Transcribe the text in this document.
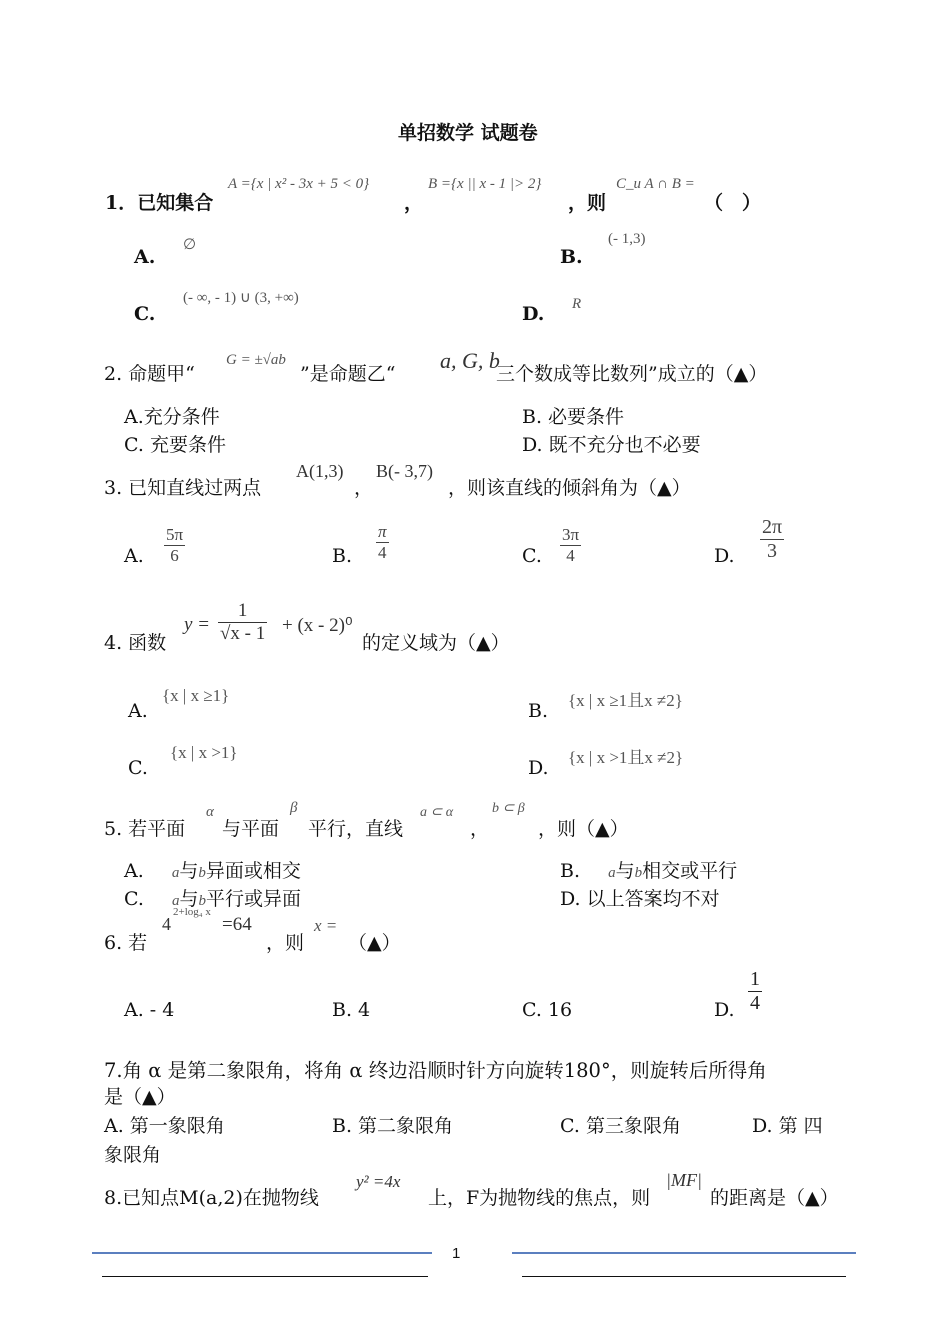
单招数学 试题卷
1．已知集合
A ={x | x² - 3x + 5 < 0}
，
B ={x || x - 1 |> 2}
，则
C_u A ∩ B =
（　）
A.
∅
B.
(- 1,3)
C.
(- ∞, - 1) ∪ (3, +∞)
D. R
2. 命题甲“
G = ±√ab
”是命题乙“
a, G, b
三个数成等比数列”成立的（▲）
A.充分条件	B. 必要条件
C. 充要条件	D. 既不充分也不必要
3. 已知直线过两点
A(1,3)
，
B(- 3,7)
，则该直线的倾斜角为（▲）
A.
5π
6	B.
π
4	C.
3π
4	D.
2π
3
4. 函数
y =
1
√x - 1 + (x - 2)⁰
的定义域为（▲）
A.
{x | x ≥1}
B. {x | x ≥1且x ≠2}
C.
{x | x >1}
D. {x | x >1且x ≠2}
5. 若平面
α
与平面
β
平行，直线
a ⊂ α
，
b ⊂ β
，则（▲）
A. a与b异面或相交	B. a与b相交或平行
C. a与b平行或异面	D. 以上答案均不对
6. 若
4
2+log₄ x
=64
，则
x =
（▲）
A. - 4	B. 4	C. 16	D.
1
4
7.角 α 是第二象限角，将角 α 终边沿顺时针方向旋转180°，则旋转后所得角
是（▲）
A. 第一象限角	B. 第二象限角	C. 第三象限角	D. 第 四
象限角
8.已知点M(a,2)在抛物线
y² =4x
上，F为抛物线的焦点，则
|MF|
的距离是（▲）
1
